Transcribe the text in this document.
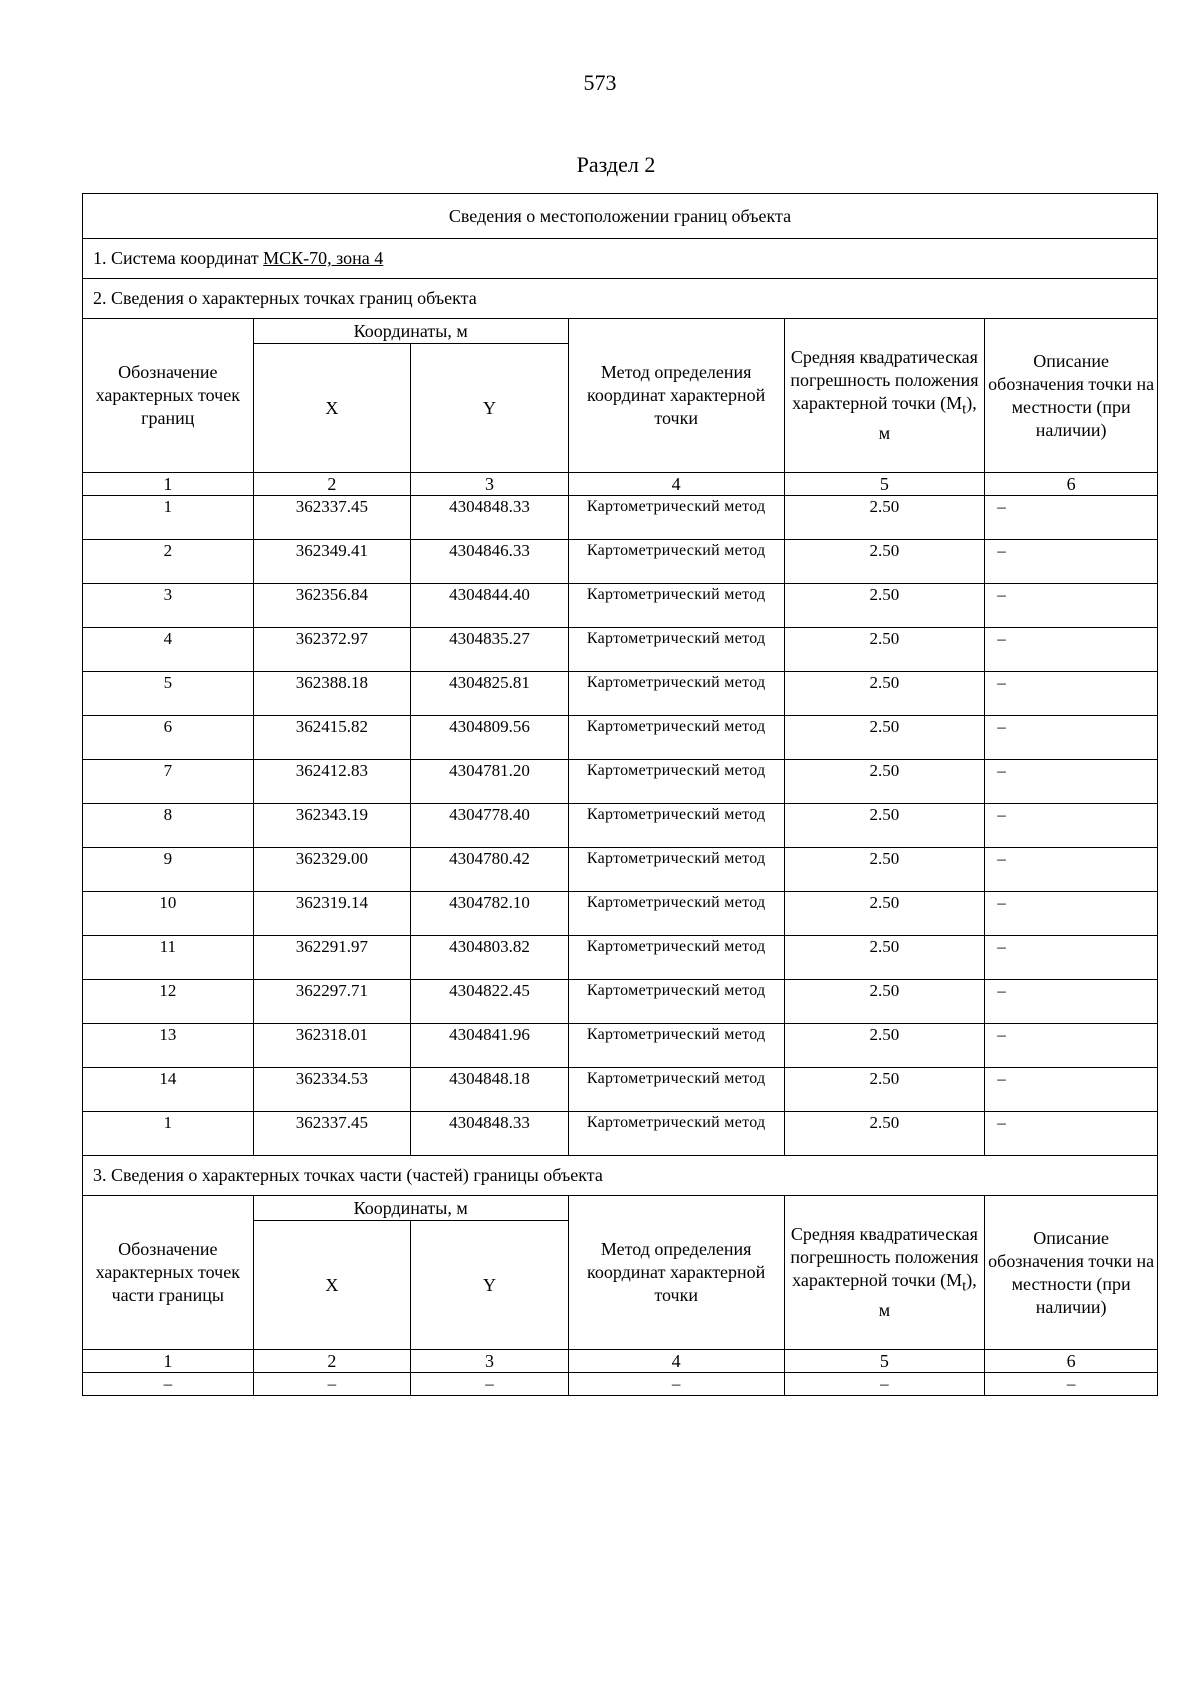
573
Раздел 2
Сведения о местоположении границ объекта					
1. Система координат МСК-70, зона 4					
2. Сведения о характерных точках границ объекта					
Обозначение характерных точек границ	Координаты, м		Метод определения координат характерной точки	Средняя квадратическая погрешность положения характерной точки $(M_t)$, м	Описание обозначения точки на местности (при наличии)
	X	Y			
1	2	3	4	5	6
1	362337.45	4304848.33	Картометрический метод	2.50	–
2	362349.41	4304846.33	Картометрический метод	2.50	–
3	362356.84	4304844.40	Картометрический метод	2.50	–
4	362372.97	4304835.27	Картометрический метод	2.50	–
5	362388.18	4304825.81	Картометрический метод	2.50	–
6	362415.82	4304809.56	Картометрический метод	2.50	–
7	362412.83	4304781.20	Картометрический метод	2.50	–
8	362343.19	4304778.40	Картометрический метод	2.50	–
9	362329.00	4304780.42	Картометрический метод	2.50	–
10	362319.14	4304782.10	Картометрический метод	2.50	–
11	362291.97	4304803.82	Картометрический метод	2.50	–
12	362297.71	4304822.45	Картометрический метод	2.50	–
13	362318.01	4304841.96	Картометрический метод	2.50	–
14	362334.53	4304848.18	Картометрический метод	2.50	–
1	362337.45	4304848.33	Картометрический метод	2.50	–
3. Сведения о характерных точках части (частей) границы объекта					
Обозначение характерных точек части границы	Координаты, м		Метод определения координат характерной точки	Средняя квадратическая погрешность положения характерной точки $(M_t)$, м	Описание обозначения точки на местности (при наличии)
	X	Y			
1	2	3	4	5	6
–	–	–	–	–	–
